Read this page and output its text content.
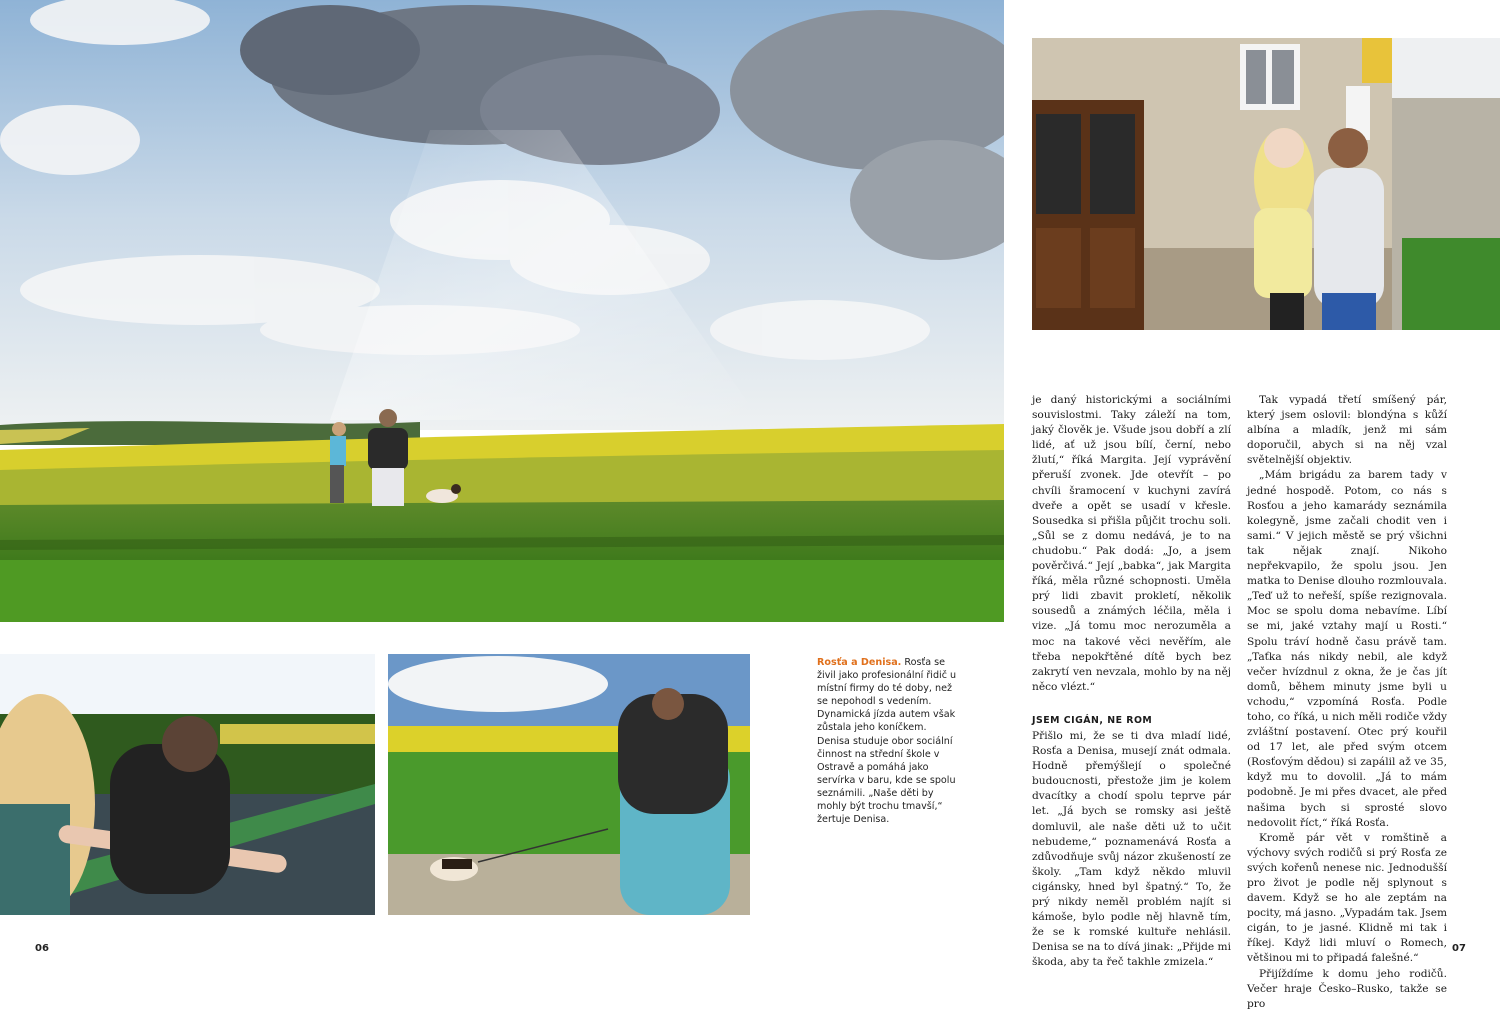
Rosťa a Denisa. Rosťa se živil jako profesionální řidič u místní firmy do té doby, než se nepohodl s vedením. Dynamická jízda autem však zůstala jeho koníčkem. Denisa studuje obor sociální činnost na střední škole v Ostravě a pomáhá jako servírka v baru, kde se spolu seznámili. „Naše děti by mohly být trochu tmavší,“ žertuje Denisa.

je daný historickými a sociálními souvislostmi. Taky záleží na tom, jaký člověk je. Všude jsou dobří a zlí lidé, ať už jsou bílí, černí, nebo žlutí,“ říká Margita. Její vyprávění přeruší zvonek. Jde otevřít – po chvíli šramocení v kuchyni zavírá dveře a opět se usadí v křesle. Sousedka si přišla půjčit trochu soli. „Sůl se z domu nedává, je to na chudobu.“ Pak dodá: „Jo, a jsem pověrčivá.“ Její „babka“, jak Margita říká, měla různé schopnosti. Uměla prý lidi zbavit prokletí, několik sousedů a známých léčila, měla i vize. „Já tomu moc nerozuměla a moc na takové věci nevěřím, ale třeba nepokřtěné dítě bych bez zakrytí ven nevzala, mohlo by na něj něco vlézt.“

JSEM CIGÁN, NE ROM

Přišlo mi, že se ti dva mladí lidé, Rosťa a Denisa, musejí znát odmala. Hodně přemýšlejí o společné budoucnosti, přestože jim je kolem dvacítky a chodí spolu teprve pár let. „Já bych se romsky asi ještě domluvil, ale naše děti už to učit nebudeme,“ poznamenává Rosťa a zdůvodňuje svůj názor zkušeností ze školy. „Tam když někdo mluvil cigánsky, hned byl špatný.“ To, že prý nikdy neměl problém najít si kámoše, bylo podle něj hlavně tím, že se k romské kultuře nehlásil. Denisa se na to dívá jinak: „Přijde mi škoda, aby ta řeč takhle zmizela.“

Tak vypadá třetí smíšený pár, který jsem oslovil: blondýna s kůží albína a mladík, jenž mi sám doporučil, abych si na něj vzal světelnější objektiv.

„Mám brigádu za barem tady v jedné hospodě. Potom, co nás s Rosťou a jeho kamarády seznámila kolegyně, jsme začali chodit ven i sami.“ V jejich městě se prý všichni tak nějak znají. Nikoho nepřekvapilo, že spolu jsou. Jen matka to Denise dlouho rozmlouvala. „Teď už to neřeší, spíše rezignovala. Moc se spolu doma nebavíme. Líbí se mi, jaké vztahy mají u Rosti.“ Spolu tráví hodně času právě tam. „Taťka nás nikdy nebil, ale když večer hvízdnul z okna, že je čas jít domů, během minuty jsme byli u vchodu,“ vzpomíná Rosťa. Podle toho, co říká, u nich měli rodiče vždy zvláštní postavení. Otec prý kouřil od 17 let, ale před svým otcem (Rosťovým dědou) si zapálil až ve 35, když mu to dovolil. „Já to mám podobně. Je mi přes dvacet, ale před našima bych si sprosté slovo nedovolit říct,“ říká Rosťa.

Kromě pár vět v romštině a výchovy svých rodičů si prý Rosťa ze svých kořenů nenese nic. Jednodušší pro život je podle něj splynout s davem. Když se ho ale zeptám na pocity, má jasno. „Vypadám tak. Jsem cigán, to je jasné. Klidně mi tak i říkej. Když lidi mluví o Romech, většinou mi to připadá falešné.“

Přijíždíme k domu jeho rodičů. Večer hraje Česko–Rusko, takže se pro

06	07
